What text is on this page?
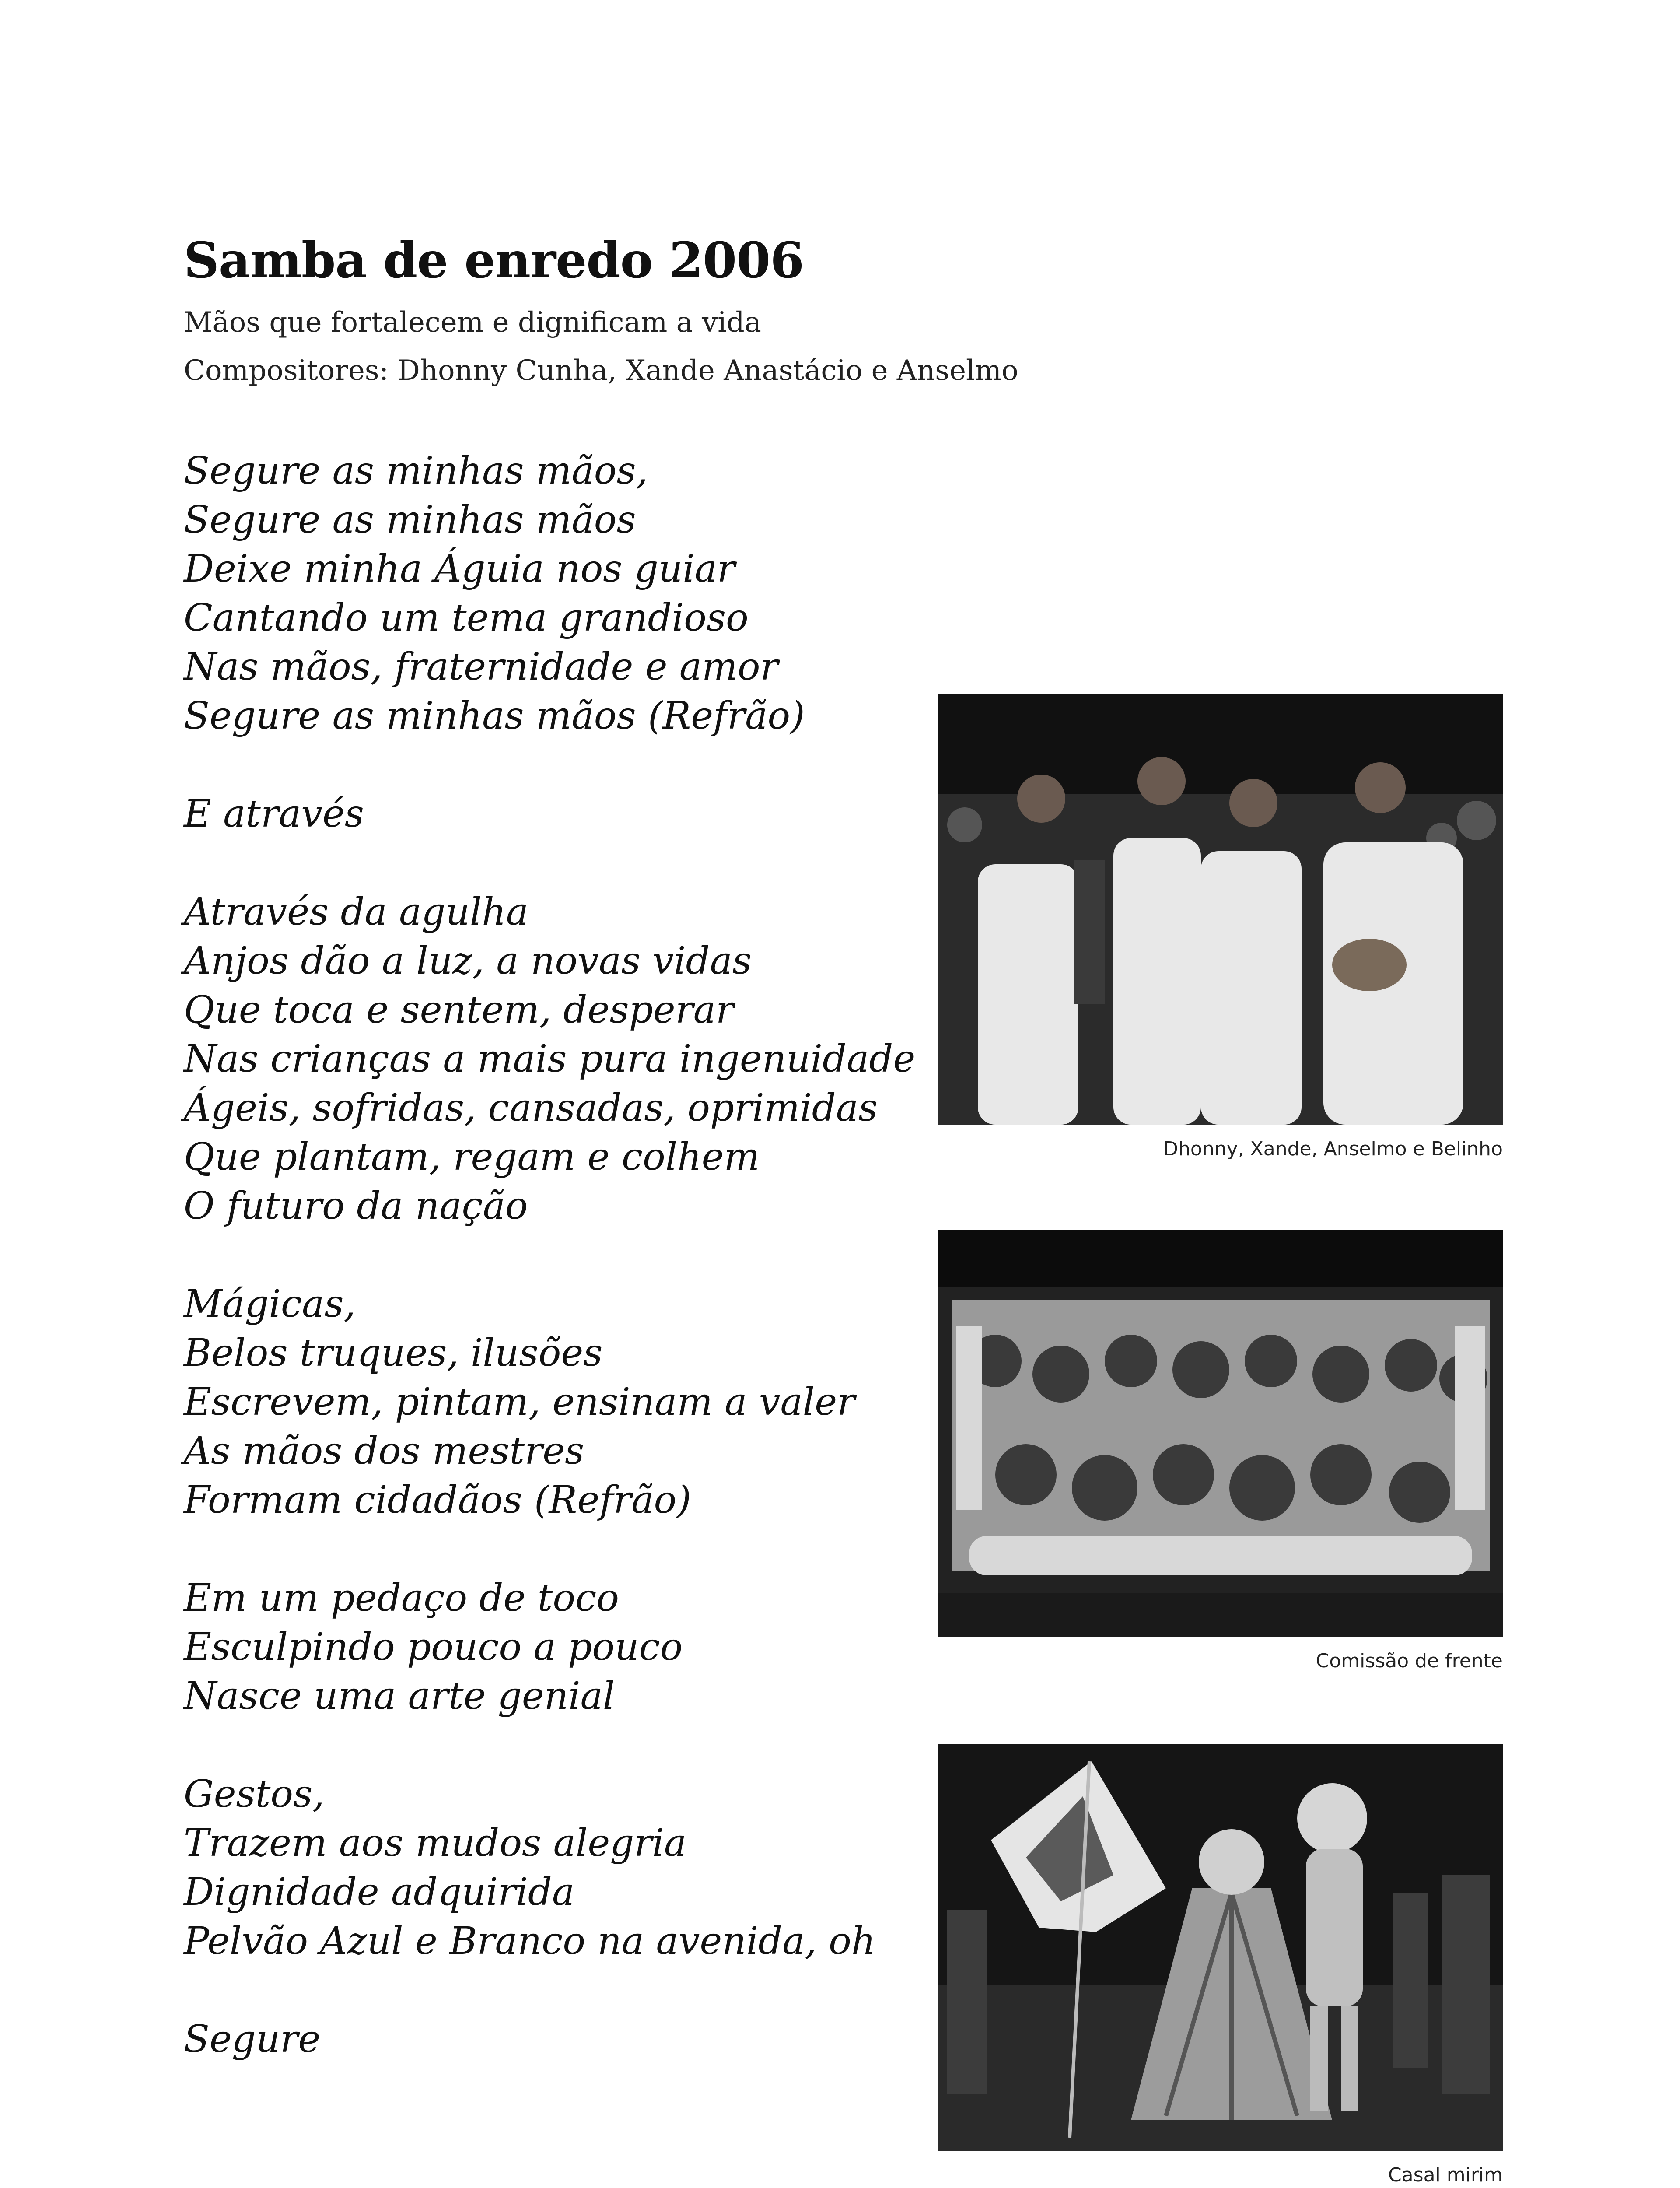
Samba de enredo 2006
Mãos que fortalecem e dignificam a vida
Compositores: Dhonny Cunha, Xande Anastácio e Anselmo
Segure as minhas mãos,
Segure as minhas mãos
Deixe minha Águia nos guiar
Cantando um tema grandioso
Nas mãos, fraternidade e amor
Segure as minhas mãos (Refrão)
E através
Através da agulha
Anjos dão a luz, a novas vidas
Que toca e sentem, desperar
Nas crianças a mais pura ingenuidade
Ágeis, sofridas, cansadas, oprimidas
Que plantam, regam e colhem
O futuro da nação
Mágicas,
Belos truques, ilusões
Escrevem, pintam, ensinam a valer
As mãos dos mestres
Formam cidadãos (Refrão)
Em um pedaço de toco
Esculpindo pouco a pouco
Nasce uma arte genial
Gestos,
Trazem aos mudos alegria
Dignidade adquirida
Pelvão Azul e Branco na avenida, oh
Segure
Dhonny, Xande, Anselmo e Belinho
Comissão de frente
Casal mirim
